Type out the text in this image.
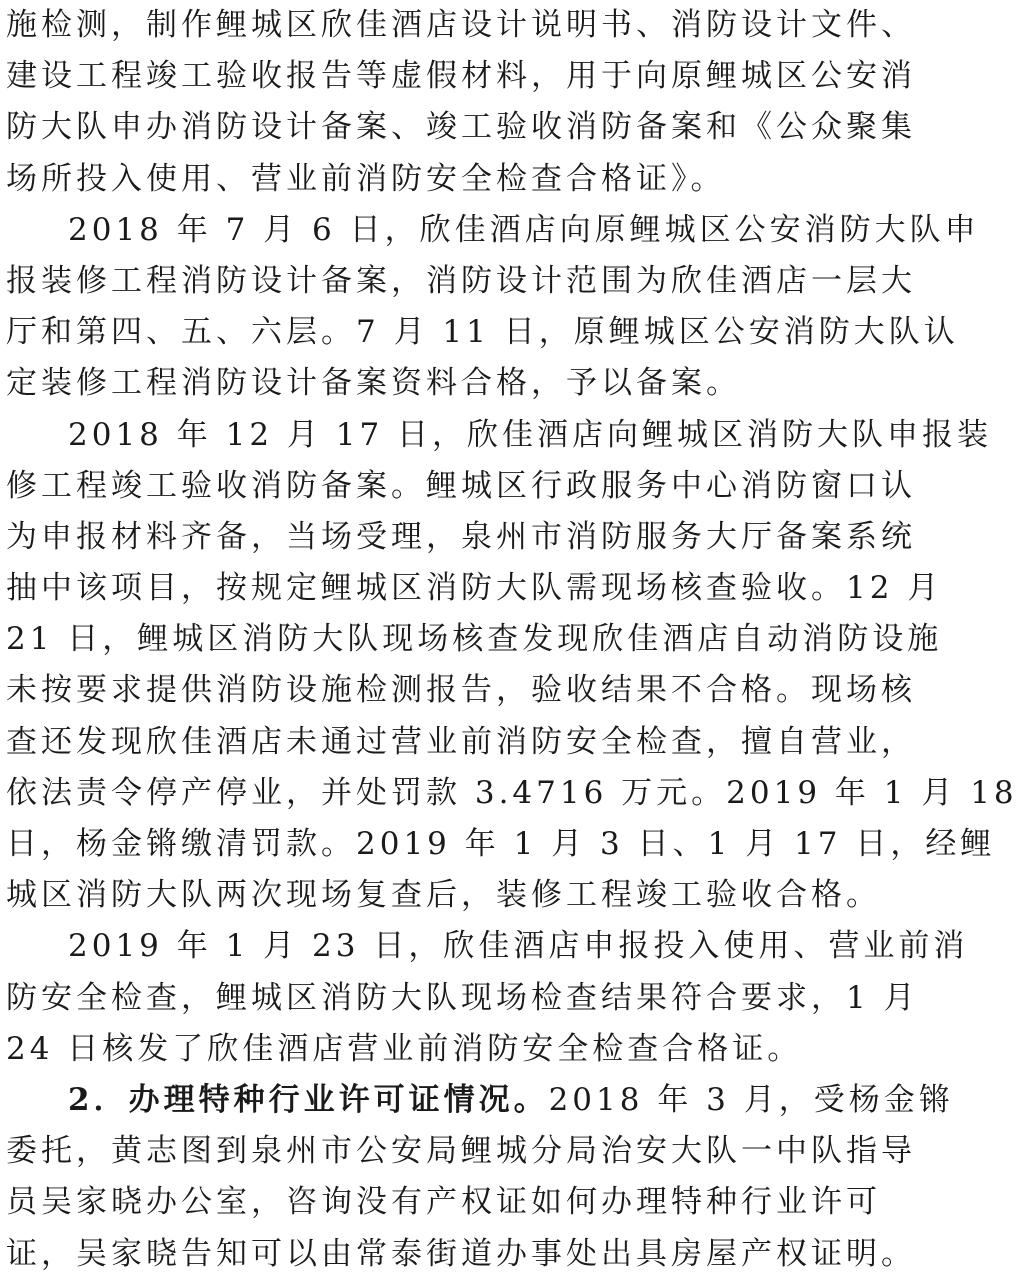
施检测，制作鲤城区欣佳酒店设计说明书、消防设计文件、
建设工程竣工验收报告等虚假材料，用于向原鲤城区公安消
防大队申办消防设计备案、竣工验收消防备案和《公众聚集
场所投入使用、营业前消防安全检查合格证》。
2018 年 7 月 6 日，欣佳酒店向原鲤城区公安消防大队申
报装修工程消防设计备案，消防设计范围为欣佳酒店一层大
厅和第四、五、六层。7 月 11 日，原鲤城区公安消防大队认
定装修工程消防设计备案资料合格，予以备案。
2018 年 12 月 17 日，欣佳酒店向鲤城区消防大队申报装
修工程竣工验收消防备案。鲤城区行政服务中心消防窗口认
为申报材料齐备，当场受理，泉州市消防服务大厅备案系统
抽中该项目，按规定鲤城区消防大队需现场核查验收。12 月
21 日，鲤城区消防大队现场核查发现欣佳酒店自动消防设施
未按要求提供消防设施检测报告，验收结果不合格。现场核
查还发现欣佳酒店未通过营业前消防安全检查，擅自营业，
依法责令停产停业，并处罚款 3.4716 万元。2019 年 1 月 18
日，杨金锵缴清罚款。2019 年 1 月 3 日、1 月 17 日，经鲤
城区消防大队两次现场复查后，装修工程竣工验收合格。
2019 年 1 月 23 日，欣佳酒店申报投入使用、营业前消
防安全检查，鲤城区消防大队现场检查结果符合要求，1 月
24 日核发了欣佳酒店营业前消防安全检查合格证。
2．办理特种行业许可证情况。2018 年 3 月，受杨金锵
委托，黄志图到泉州市公安局鲤城分局治安大队一中队指导
员吴家晓办公室，咨询没有产权证如何办理特种行业许可
证，吴家晓告知可以由常泰街道办事处出具房屋产权证明。
